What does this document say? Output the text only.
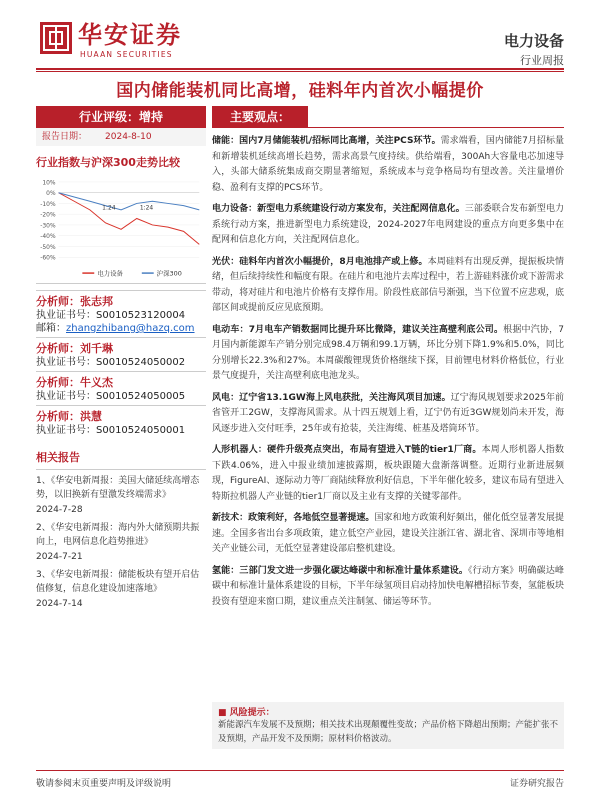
华安证券
HUAAN SECURITIES
电力设备
行业周报
国内储能装机同比高增，硅料年内首次小幅提价
行业评级：增持
报告日期： 2024-8-10
行业指数与沪深300走势比较
-60%
-50%
-40%
-30%
-20%
-10%
0%
10%
1:24	1:24
电力设备	沪深300
分析师：张志邦
执业证书号：S0010523120004
邮箱：zhangzhibang@hazq.com
分析师：刘千琳
执业证书号：S0010524050002
分析师：牛义杰
执业证书号：S0010524050005
分析师：洪慧
执业证书号：S0010524050001
相关报告
1、《华安电新周报：美国大储延续高增态势，以旧换新有望激发终端需求》
2024-7-28
2、《华安电新周报：海内外大储预期共振向上，电网信息化趋势推进》
2024-7-21
3、《华安电新周报：储能板块有望开启估值修复，信息化建设加速落地》
2024-7-14
主要观点：
储能：国内7月储能装机/招标同比高增，关注PCS环节。需求端看，国内储能7月招标量和新增装机延续高增长趋势，需求高景气度持续。供给端看，300Ah大容量电芯加速导入，头部大储系统集成商交期显著缩短，系统成本与竞争格局均有望改善。关注量增价稳、盈利有支撑的PCS环节。
电力设备：新型电力系统建设行动方案发布，关注配网信息化。三部委联合发布新型电力系统行动方案，推进新型电力系统建设，2024-2027年电网建设的重点方向更多集中在配网和信息化方向，关注配网信息化。
光伏：硅料年内首次小幅提价，8月电池排产或上修。本周硅料有出现反弹，提振板块情绪，但后续持续性和幅度有限。在硅片和电池片去库过程中，若上游硅料涨价或下游需求带动，将对硅片和电池片价格有支撑作用。阶段性底部信号渐强，当下位置不应悲观，底部区间或提前反应见底预期。
电动车：7月电车产销数据同比提升环比微降，建议关注高壁利底公司。根据中汽协，7月国内新能源车产销分别完成98.4万辆和99.1万辆，环比分别下降1.9%和5.0%，同比分别增长22.3%和27%。本周碳酸锂现货价格继续下探，目前锂电材料价格低位，行业景气度提升，关注高壁利底电池龙头。
风电：辽宁省13.1GW海上风电获批，关注海风项目加速。辽宁海风规划要求2025年前省管开工2GW，支撑海风需求。从十四五规划上看，辽宁仍有近3GW规划尚未开发，海风逐步进入交付旺季，25年或有抢装，关注海缆、桩基及塔筒环节。
人形机器人：硬件升级亮点突出，布局有望进入T链的tier1厂商。本周人形机器人指数下跌4.06%，进入中报业绩加速披露期，板块跟随大盘渐落调整。近期行业新进展频现，FigureAI、逐际动力等厂商陆续释放利好信息，下半年催化较多，建议布局有望进入特斯拉机器人产业链的tier1厂商以及主业有支撑的关键零部件。
新技术：政策利好，各地低空显著提速。国家和地方政策利好频出，催化低空显著发展提速。全国多省出台多项政策，建立低空产业园，建设关注浙江省、湖北省、深圳市等地相关产业链公司，无低空显著建设部启整机建设。
氢能：三部门发文进一步强化碳达峰碳中和标准计量体系建设。《行动方案》明确碳达峰碳中和标准计量体系建设的目标，下半年绿氢项目启动持加快电解槽招标节奏，氢能板块投资有望迎来窗口期，建议重点关注制氢、储运等环节。
■ 风险提示：
新能源汽车发展不及预期；相关技术出现颠覆性变故；产品价格下降超出预期；产能扩张不及预期，产品开发不及预期；原材料价格波动。
敬请参阅末页重要声明及评级说明	证券研究报告
